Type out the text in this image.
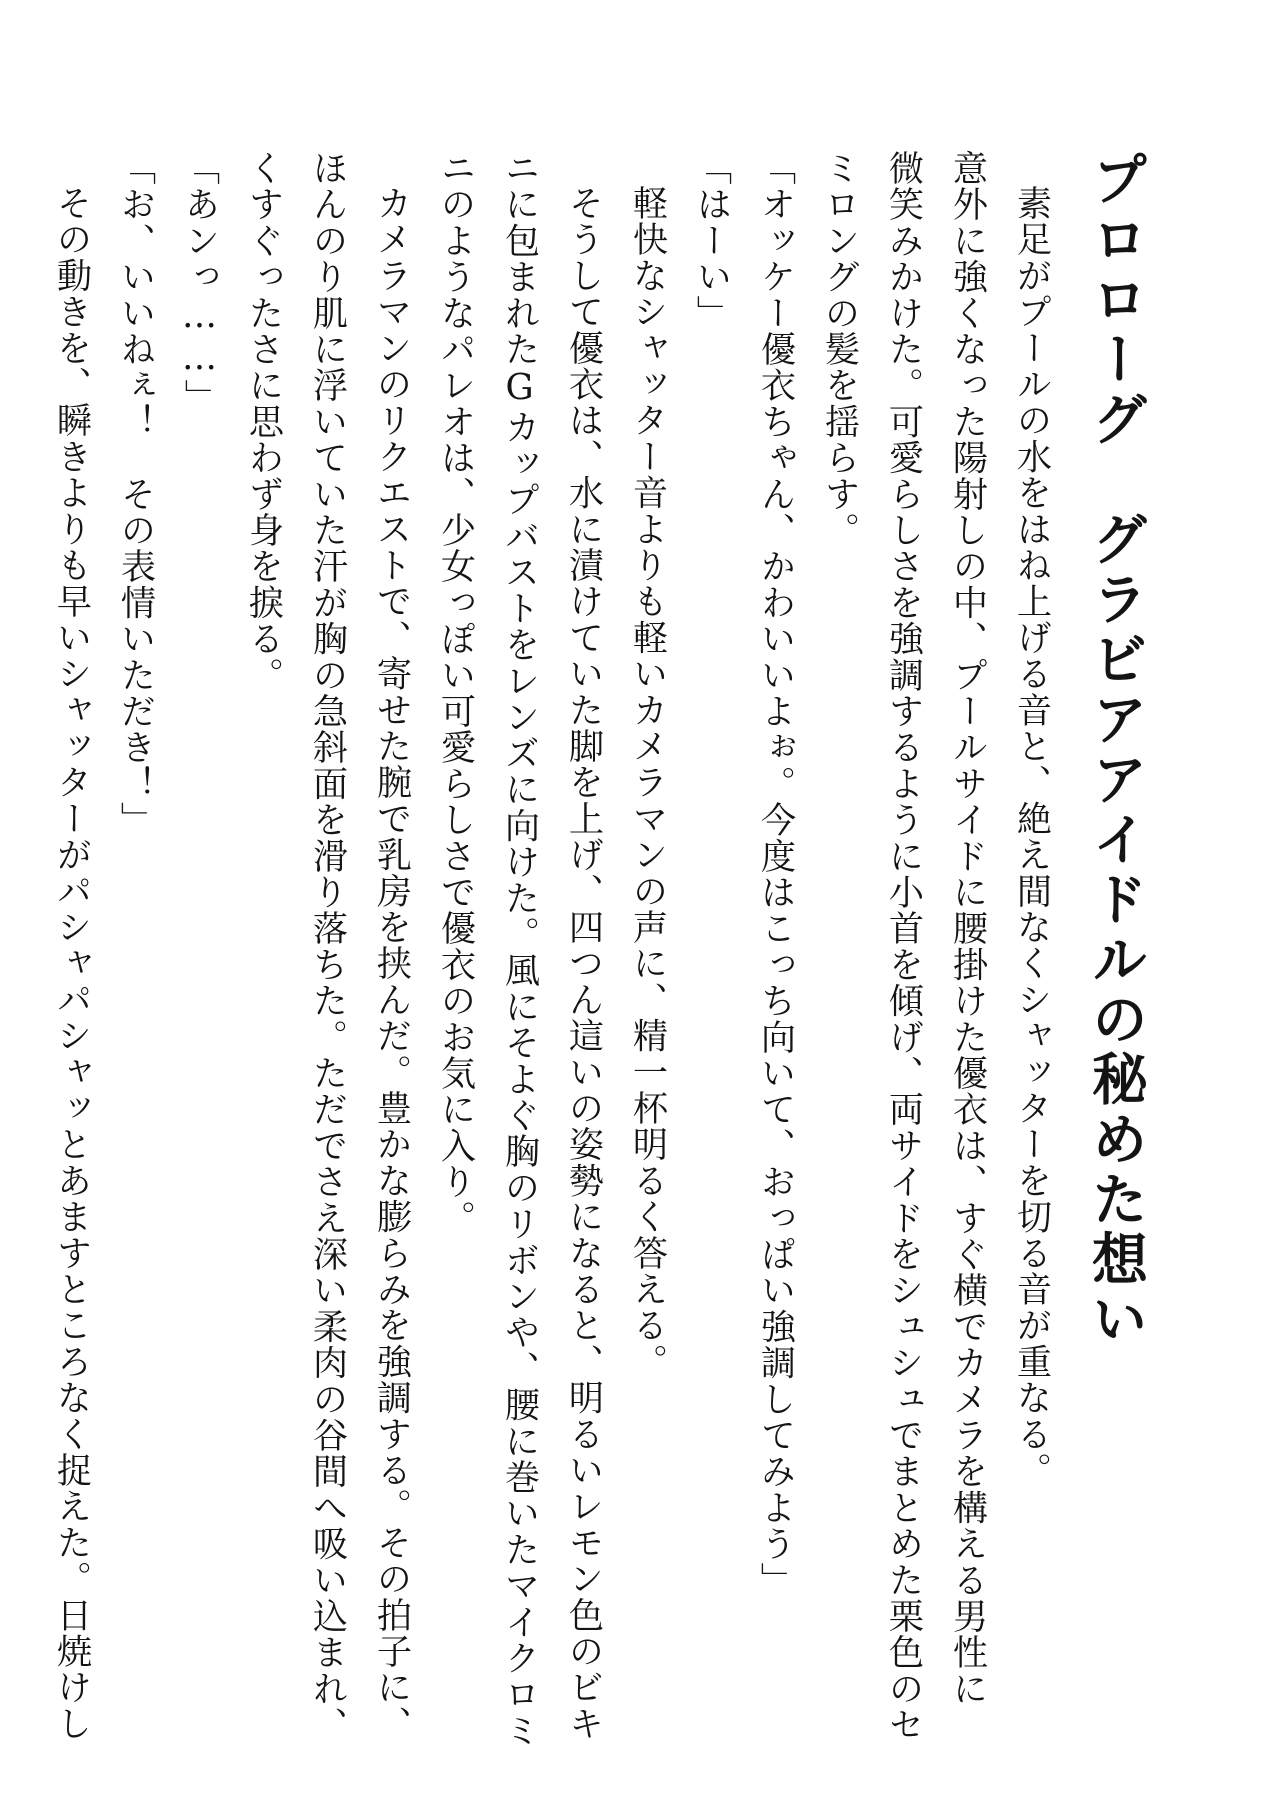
プロローグ　グラビアアイドルの秘めた想い
素足がプールの水をはね上げる音と、絶え間なくシャッターを切る音が重なる。
意外に強くなった陽射しの中、プールサイドに腰掛けた優衣は、すぐ横でカメラを構える男性に
微笑みかけた。可愛らしさを強調するように小首を傾げ、両サイドをシュシュでまとめた栗色のセ
ミロングの髪を揺らす。
「オッケー優衣ちゃん、かわいいよぉ。今度はこっち向いて、おっぱい強調してみよう」
「はーい」
軽快なシャッター音よりも軽いカメラマンの声に、精一杯明るく答える。
そうして優衣は、水に漬けていた脚を上げ、四つん這いの姿勢になると、明るいレモン色のビキ
ニに包まれたGカップバストをレンズに向けた。風にそよぐ胸のリボンや、腰に巻いたマイクロミ
ニのようなパレオは、少女っぽい可愛らしさで優衣のお気に入り。
カメラマンのリクエストで、寄せた腕で乳房を挟んだ。豊かな膨らみを強調する。その拍子に、
ほんのり肌に浮いていた汗が胸の急斜面を滑り落ちた。ただでさえ深い柔肉の谷間へ吸い込まれ、
くすぐったさに思わず身を捩る。
「あンっ……」
「お、いいねぇ！　その表情いただき！」
その動きを、瞬きよりも早いシャッターがパシャパシャッとあますところなく捉えた。日焼けし
